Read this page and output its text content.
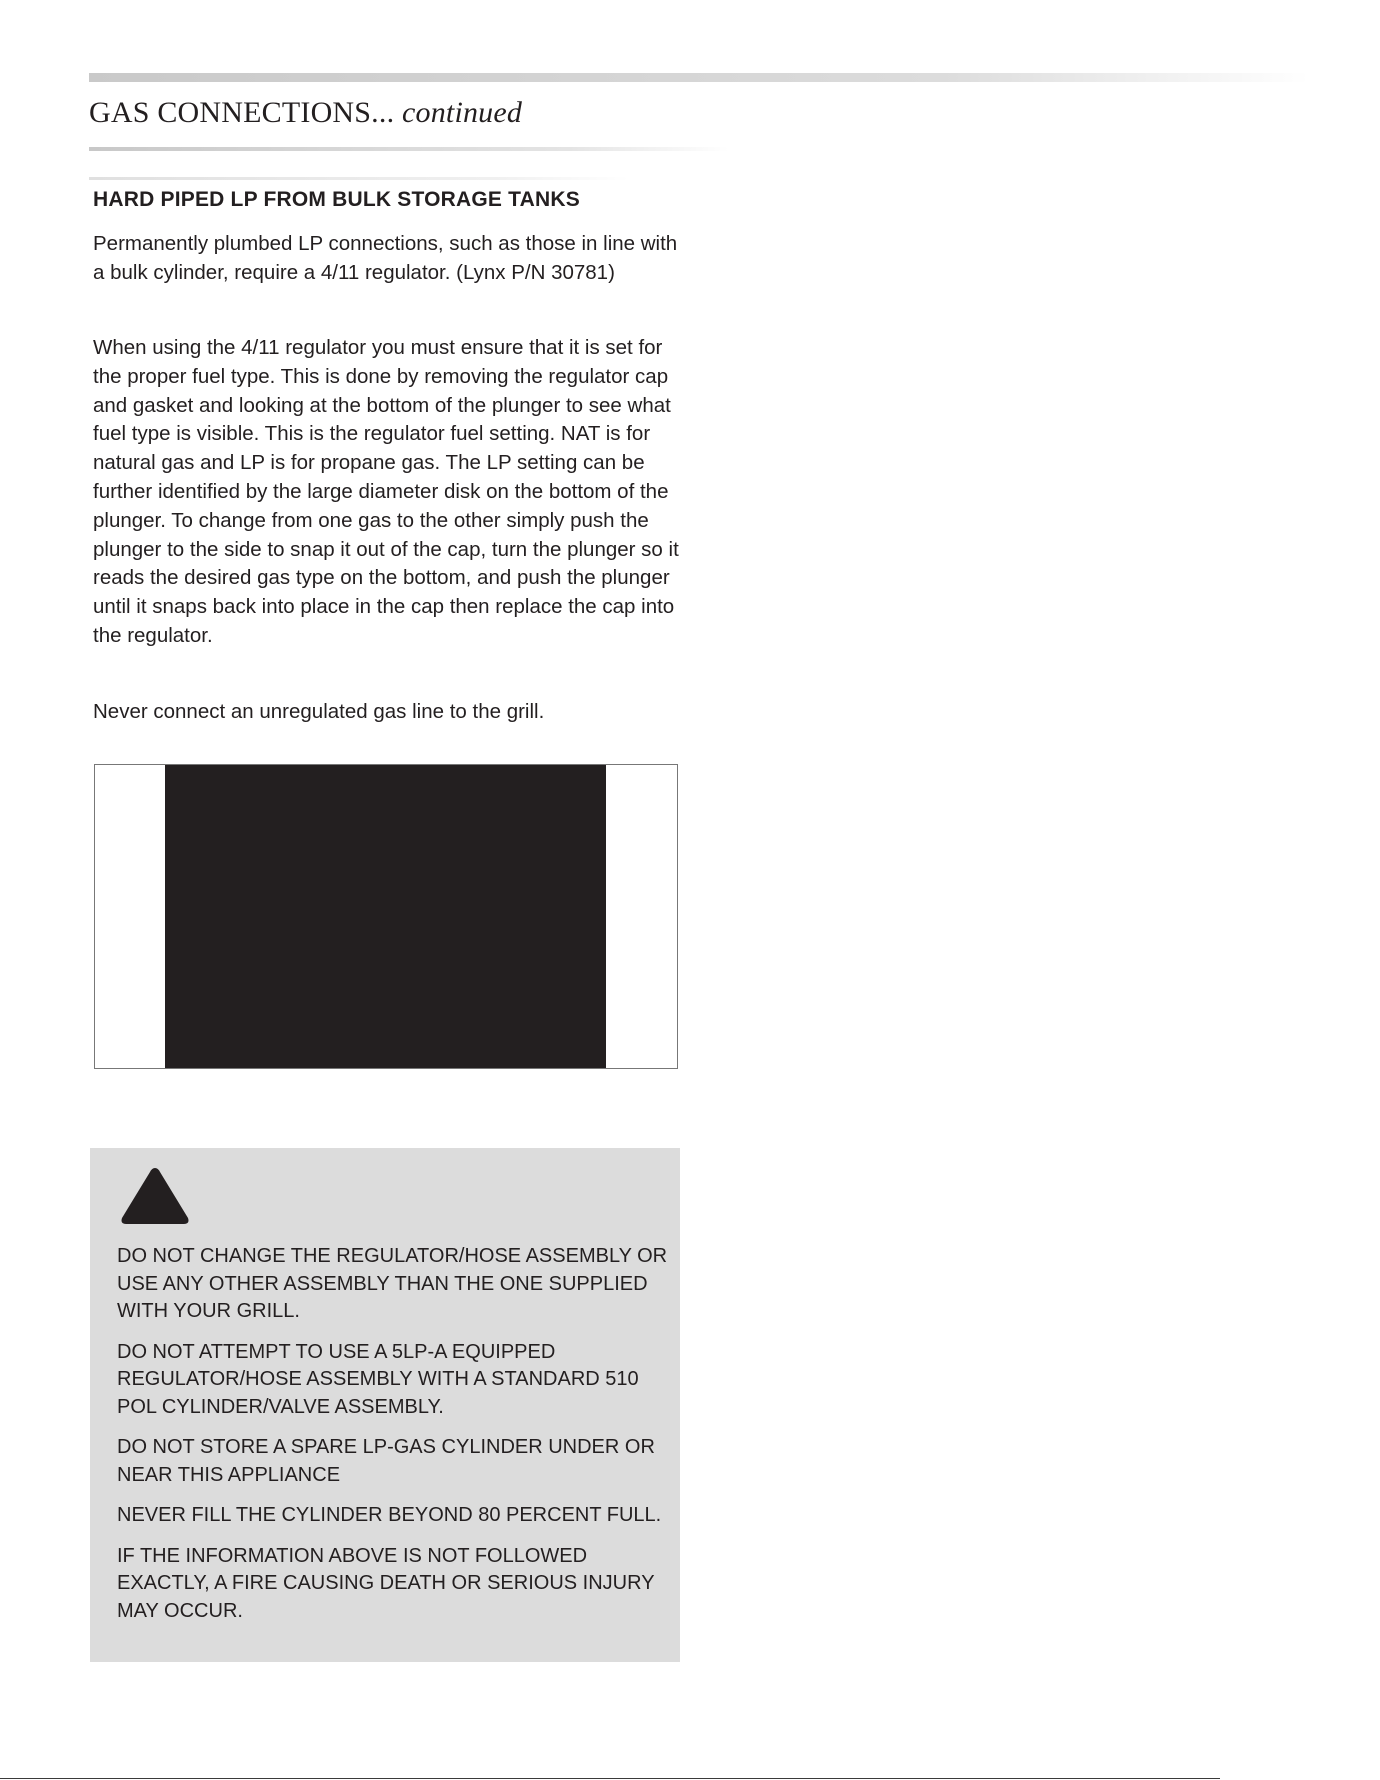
GAS CONNECTIONS... continued
HARD PIPED LP FROM BULK STORAGE TANKS

Permanently plumbed LP connections, such as those in line with a bulk cylinder, require a 4/11 regulator. (Lynx P/N 30781)

When using the 4/11 regulator you must ensure that it is set for the proper fuel type. This is done by removing the regulator cap and gasket and looking at the bottom of the plunger to see what fuel type is visible. This is the regulator fuel setting. NAT is for natural gas and LP is for propane gas. The LP setting can be further identified by the large diameter disk on the bottom of the plunger. To change from one gas to the other simply push the plunger to the side to snap it out of the cap, turn the plunger so it reads the desired gas type on the bottom, and push the plunger until it snaps back into place in the cap then replace the cap into the regulator.

Never connect an unregulated gas line to the grill.

DO NOT CHANGE THE REGULATOR/HOSE ASSEMBLY OR USE ANY OTHER ASSEMBLY THAN THE ONE SUPPLIED WITH YOUR GRILL.

DO NOT ATTEMPT TO USE A 5LP-A EQUIPPED REGULATOR/HOSE ASSEMBLY WITH A STANDARD 510 POL CYLINDER/VALVE ASSEMBLY.

DO NOT STORE A SPARE LP-GAS CYLINDER UNDER OR NEAR THIS APPLIANCE

NEVER FILL THE CYLINDER BEYOND 80 PERCENT FULL.

IF THE INFORMATION ABOVE IS NOT FOLLOWED EXACTLY, A FIRE CAUSING DEATH OR SERIOUS INJURY MAY OCCUR.
